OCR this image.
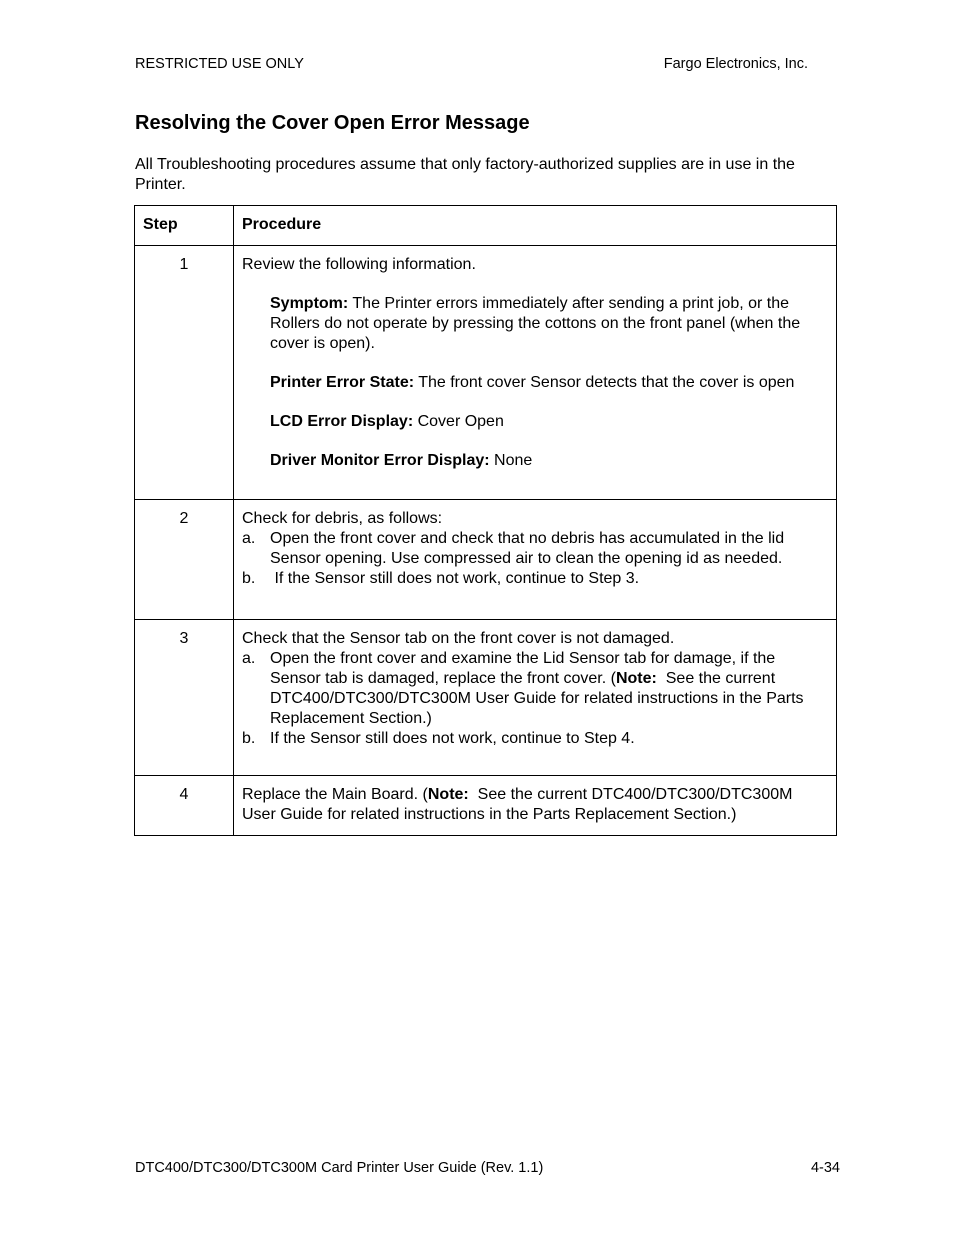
RESTRICTED USE ONLY	Fargo Electronics, Inc.
Resolving the Cover Open Error Message

All Troubleshooting procedures assume that only factory-authorized supplies are in use in the Printer.

Step	Procedure
1	Review the following information.

Symptom: The Printer errors immediately after sending a print job, or the Rollers do not operate by pressing the cottons on the front panel (when the cover is open).

Printer Error State: The front cover Sensor detects that the cover is open

LCD Error Display: Cover Open

Driver Monitor Error Display: None

2	Check for debris, as follows:

a. Open the front cover and check that no debris has accumulated in the lid Sensor opening. Use compressed air to clean the opening id as needed.
b. If the Sensor still does not work, continue to Step 3.

3	Check that the Sensor tab on the front cover is not damaged.

a. Open the front cover and examine the Lid Sensor tab for damage, if the Sensor tab is damaged, replace the front cover. (Note:  See the current DTC400/DTC300/DTC300M User Guide for related instructions in the Parts Replacement Section.)
b. If the Sensor still does not work, continue to Step 4.

4	Replace the Main Board. (Note:  See the current DTC400/DTC300/DTC300M User Guide for related instructions in the Parts Replacement Section.)

DTC400/DTC300/DTC300M Card Printer User Guide (Rev. 1.1)	4-34
